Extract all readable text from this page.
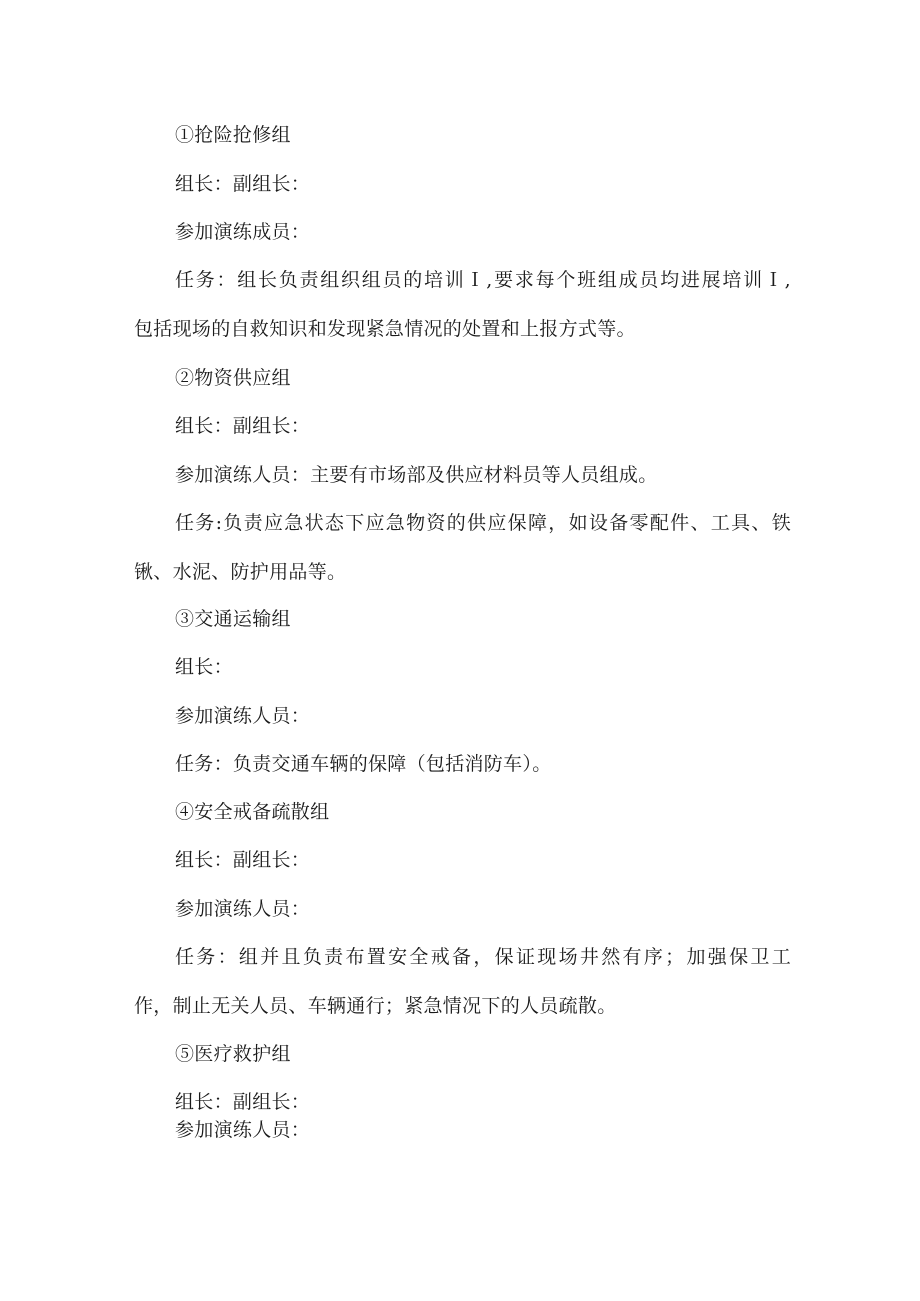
①抢险抢修组

组长：副组长：

参加演练成员：

任务：组长负责组织组员的培训Ｉ,要求每个班组成员均进展培训Ｉ,

包括现场的自救知识和发现紧急情况的处置和上报方式等。

②物资供应组

组长：副组长：

参加演练人员：主要有市场部及供应材料员等人员组成。

任务:负责应急状态下应急物资的供应保障，如设备零配件、工具、铁

锹、水泥、防护用品等。

③交通运输组

组长：

参加演练人员：

任务：负责交通车辆的保障（包括消防车）。

④安全戒备疏散组

组长：副组长：

参加演练人员：

任务：组并且负责布置安全戒备，保证现场井然有序；加强保卫工

作，制止无关人员、车辆通行；紧急情况下的人员疏散。

⑤医疗救护组

组长：副组长：

参加演练人员：
